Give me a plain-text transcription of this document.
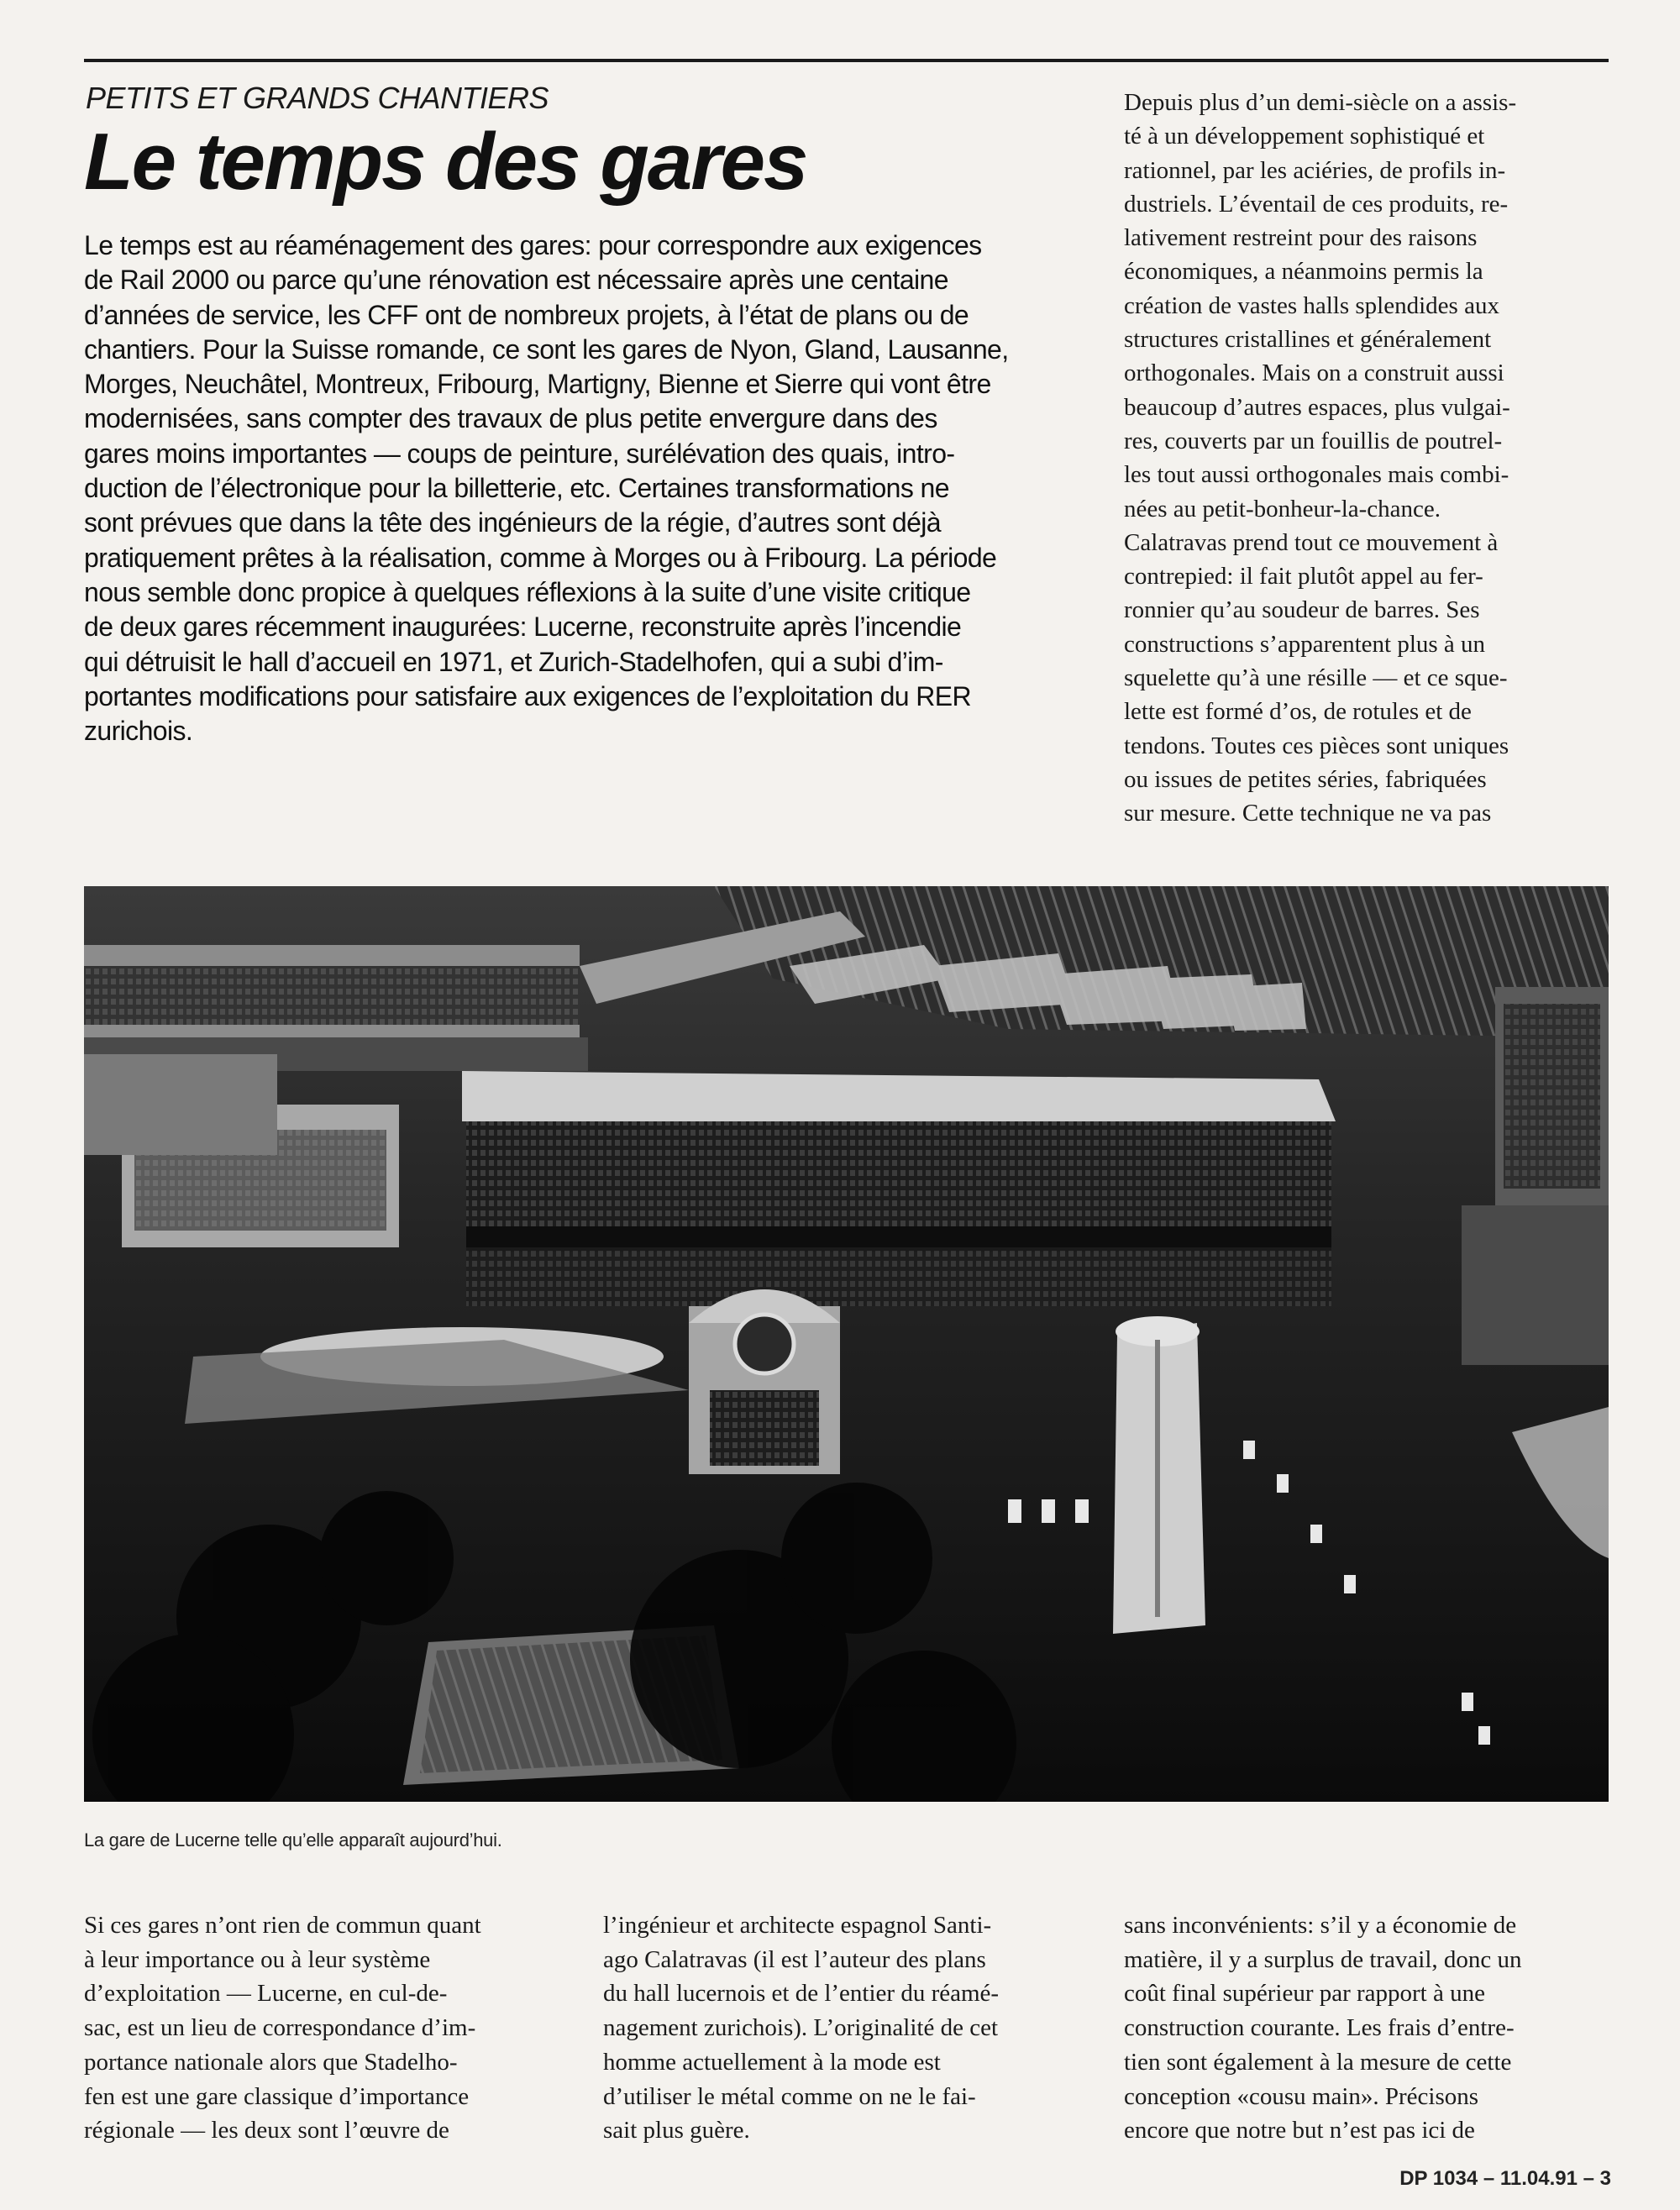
PETITS ET GRANDS CHANTIERS
Le temps des gares
Le temps est au réaménagement des gares: pour correspondre aux exigences
de Rail 2000 ou parce qu’une rénovation est nécessaire après une centaine
d’années de service, les CFF ont de nombreux projets, à l’état de plans ou de
chantiers. Pour la Suisse romande, ce sont les gares de Nyon, Gland, Lausanne,
Morges, Neuchâtel, Montreux, Fribourg, Martigny, Bienne et Sierre qui vont être
modernisées, sans compter des travaux de plus petite envergure dans des
gares moins importantes — coups de peinture, surélévation des quais, intro-
duction de l’électronique pour la billetterie, etc. Certaines transformations ne
sont prévues que dans la tête des ingénieurs de la régie, d’autres sont déjà
pratiquement prêtes à la réalisation, comme à Morges ou à Fribourg. La période
nous semble donc propice à quelques réflexions à la suite d’une visite critique
de deux gares récemment inaugurées: Lucerne, reconstruite après l’incendie
qui détruisit le hall d’accueil en 1971, et Zurich-Stadelhofen, qui a subi d’im-
portantes modifications pour satisfaire aux exigences de l’exploitation du RER
zurichois.
Depuis plus d’un demi-siècle on a assis-
té à un développement sophistiqué et
rationnel, par les aciéries, de profils in-
dustriels. L’éventail de ces produits, re-
lativement restreint pour des raisons
économiques, a néanmoins permis la
création de vastes halls splendides aux
structures cristallines et généralement
orthogonales. Mais on a construit aussi
beaucoup d’autres espaces, plus vulgai-
res, couverts par un fouillis de poutrel-
les tout aussi orthogonales mais combi-
nées au petit-bonheur-la-chance.
Calatravas prend tout ce mouvement à
contrepied: il fait plutôt appel au fer-
ronnier qu’au soudeur de barres. Ses
constructions s’apparentent plus à un
squelette qu’à une résille — et ce sque-
lette est formé d’os, de rotules et de
tendons. Toutes ces pièces sont uniques
ou issues de petites séries, fabriquées
sur mesure. Cette technique ne va pas

La gare de Lucerne telle qu’elle apparaît aujourd’hui.

Si ces gares n’ont rien de commun quant
à leur importance ou à leur système
d’exploitation — Lucerne, en cul-de-
sac, est un lieu de correspondance d’im-
portance nationale alors que Stadelho-
fen est une gare classique d’importance
régionale — les deux sont l’œuvre de
l’ingénieur et architecte espagnol Santi-
ago Calatravas (il est l’auteur des plans
du hall lucernois et de l’entier du réamé-
nagement zurichois). L’originalité de cet
homme actuellement à la mode est
d’utiliser le métal comme on ne le fai-
sait plus guère.
sans inconvénients: s’il y a économie de
matière, il y a surplus de travail, donc un
coût final supérieur par rapport à une
construction courante. Les frais d’entre-
tien sont également à la mesure de cette
conception «cousu main». Précisons
encore que notre but n’est pas ici de
DP 1034 – 11.04.91 – 3
